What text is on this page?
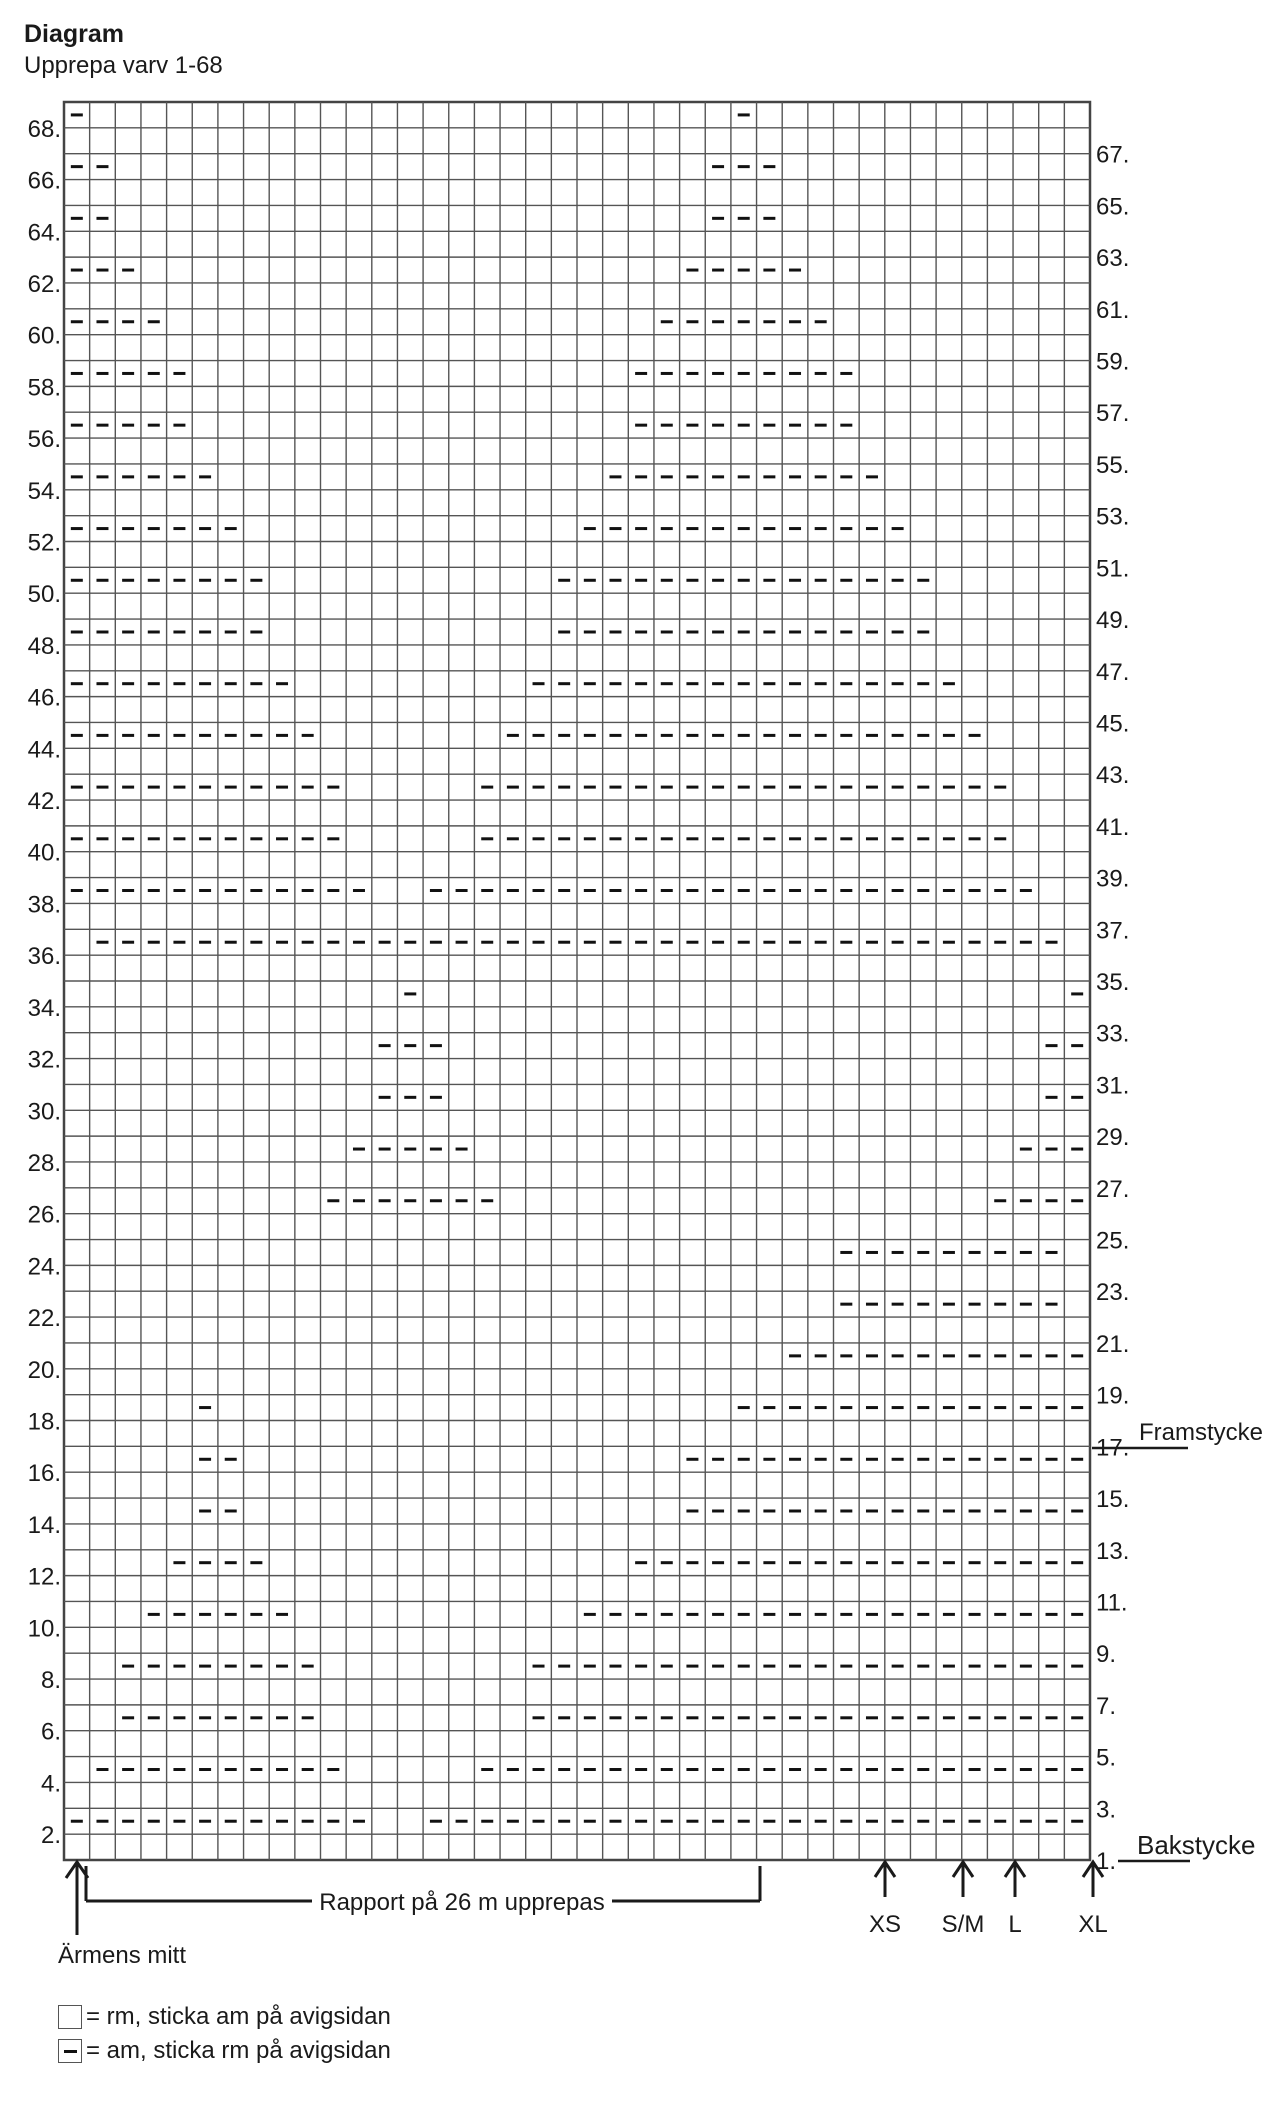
Diagram
Upprepa varv 1-68
68.
66.
64.
62.
60.
58.
56.
54.
52.
50.
48.
46.
44.
42.
40.
38.
36.
34.
32.
30.
28.
26.
24.
22.
20.
18.
16.
14.
12.
10.
8.
6.
4.
2.
67.
65.
63.
61.
59.
57.
55.
53.
51.
49.
47.
45.
43.
41.
39.
37.
35.
33.
31.
29.
27.
25.
23.
21.
19.
17.
15.
13.
11.
9.
7.
5.
3.
1.
Framstycke
Bakstycke
Rapport på 26 m upprepas
Ärmens mitt
XS S/M L XL
= rm, sticka am på avigsidan
= am, sticka rm på avigsidan
